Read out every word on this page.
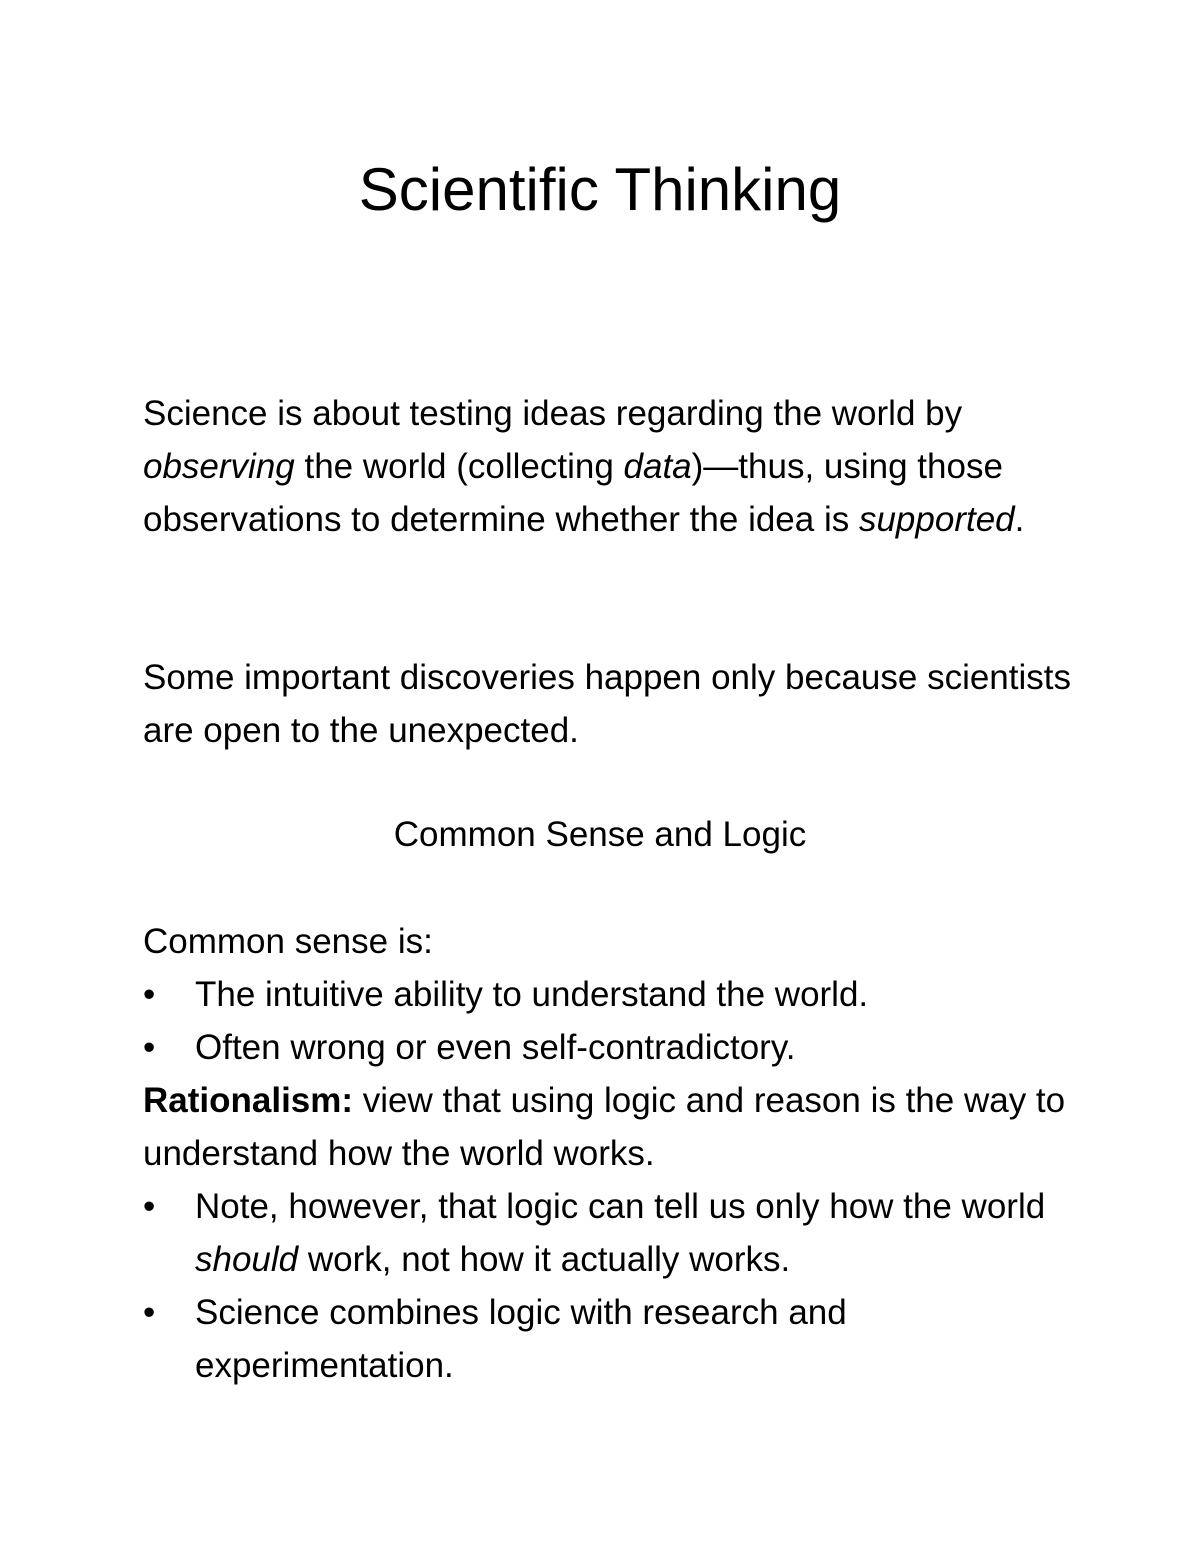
Scientific Thinking

Science is about testing ideas regarding the world by observing the world (collecting data)—thus, using those observations to determine whether the idea is supported.

Some important discoveries happen only because scientists are open to the unexpected.

Common Sense and Logic

Common sense is:

• The intuitive ability to understand the world.
• Often wrong or even self-contradictory.

Rationalism: view that using logic and reason is the way to understand how the world works.

• Note, however, that logic can tell us only how the world should work, not how it actually works.
• Science combines logic with research and experimentation.
